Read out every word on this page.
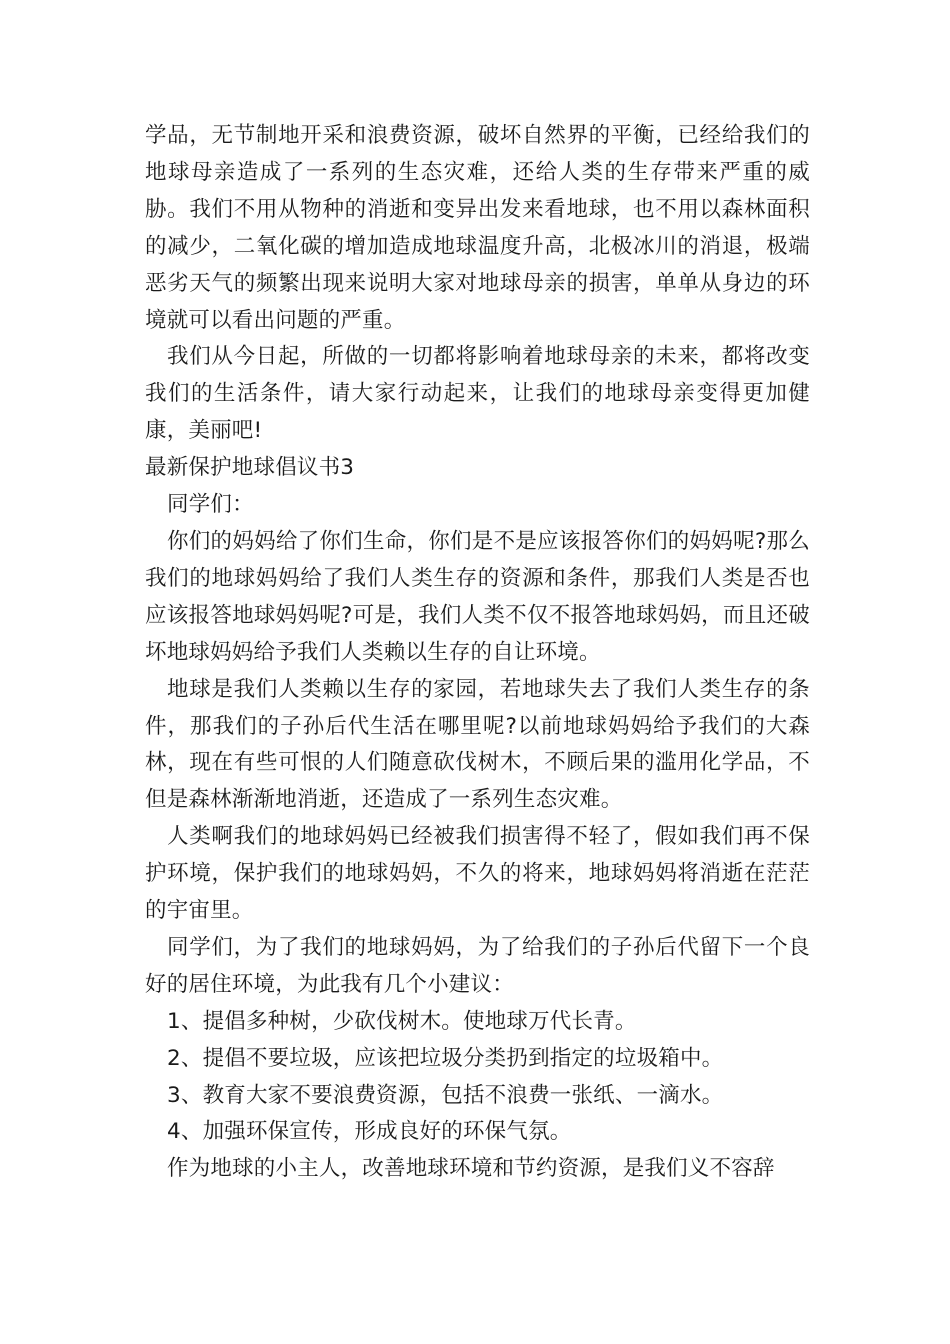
学品，无节制地开采和浪费资源，破坏自然界的平衡，已经给我们的地球母亲造成了一系列的生态灾难，还给人类的生存带来严重的威胁。我们不用从物种的消逝和变异出发来看地球，也不用以森林面积的减少，二氧化碳的增加造成地球温度升高，北极冰川的消退，极端恶劣天气的频繁出现来说明大家对地球母亲的损害，单单从身边的环境就可以看出问题的严重。

我们从今日起，所做的一切都将影响着地球母亲的未来，都将改变我们的生活条件，请大家行动起来，让我们的地球母亲变得更加健康，美丽吧!

最新保护地球倡议书3

同学们：

你们的妈妈给了你们生命，你们是不是应该报答你们的妈妈呢?那么我们的地球妈妈给了我们人类生存的资源和条件，那我们人类是否也应该报答地球妈妈呢?可是，我们人类不仅不报答地球妈妈，而且还破坏地球妈妈给予我们人类赖以生存的自让环境。

地球是我们人类赖以生存的家园，若地球失去了我们人类生存的条件，那我们的子孙后代生活在哪里呢?以前地球妈妈给予我们的大森林，现在有些可恨的人们随意砍伐树木，不顾后果的滥用化学品，不但是森林渐渐地消逝，还造成了一系列生态灾难。

人类啊我们的地球妈妈已经被我们损害得不轻了，假如我们再不保护环境，保护我们的地球妈妈，不久的将来，地球妈妈将消逝在茫茫的宇宙里。

同学们，为了我们的地球妈妈，为了给我们的子孙后代留下一个良好的居住环境，为此我有几个小建议：

1、提倡多种树，少砍伐树木。使地球万代长青。

2、提倡不要垃圾，应该把垃圾分类扔到指定的垃圾箱中。

3、教育大家不要浪费资源，包括不浪费一张纸、一滴水。

4、加强环保宣传，形成良好的环保气氛。

作为地球的小主人，改善地球环境和节约资源，是我们义不容辞
